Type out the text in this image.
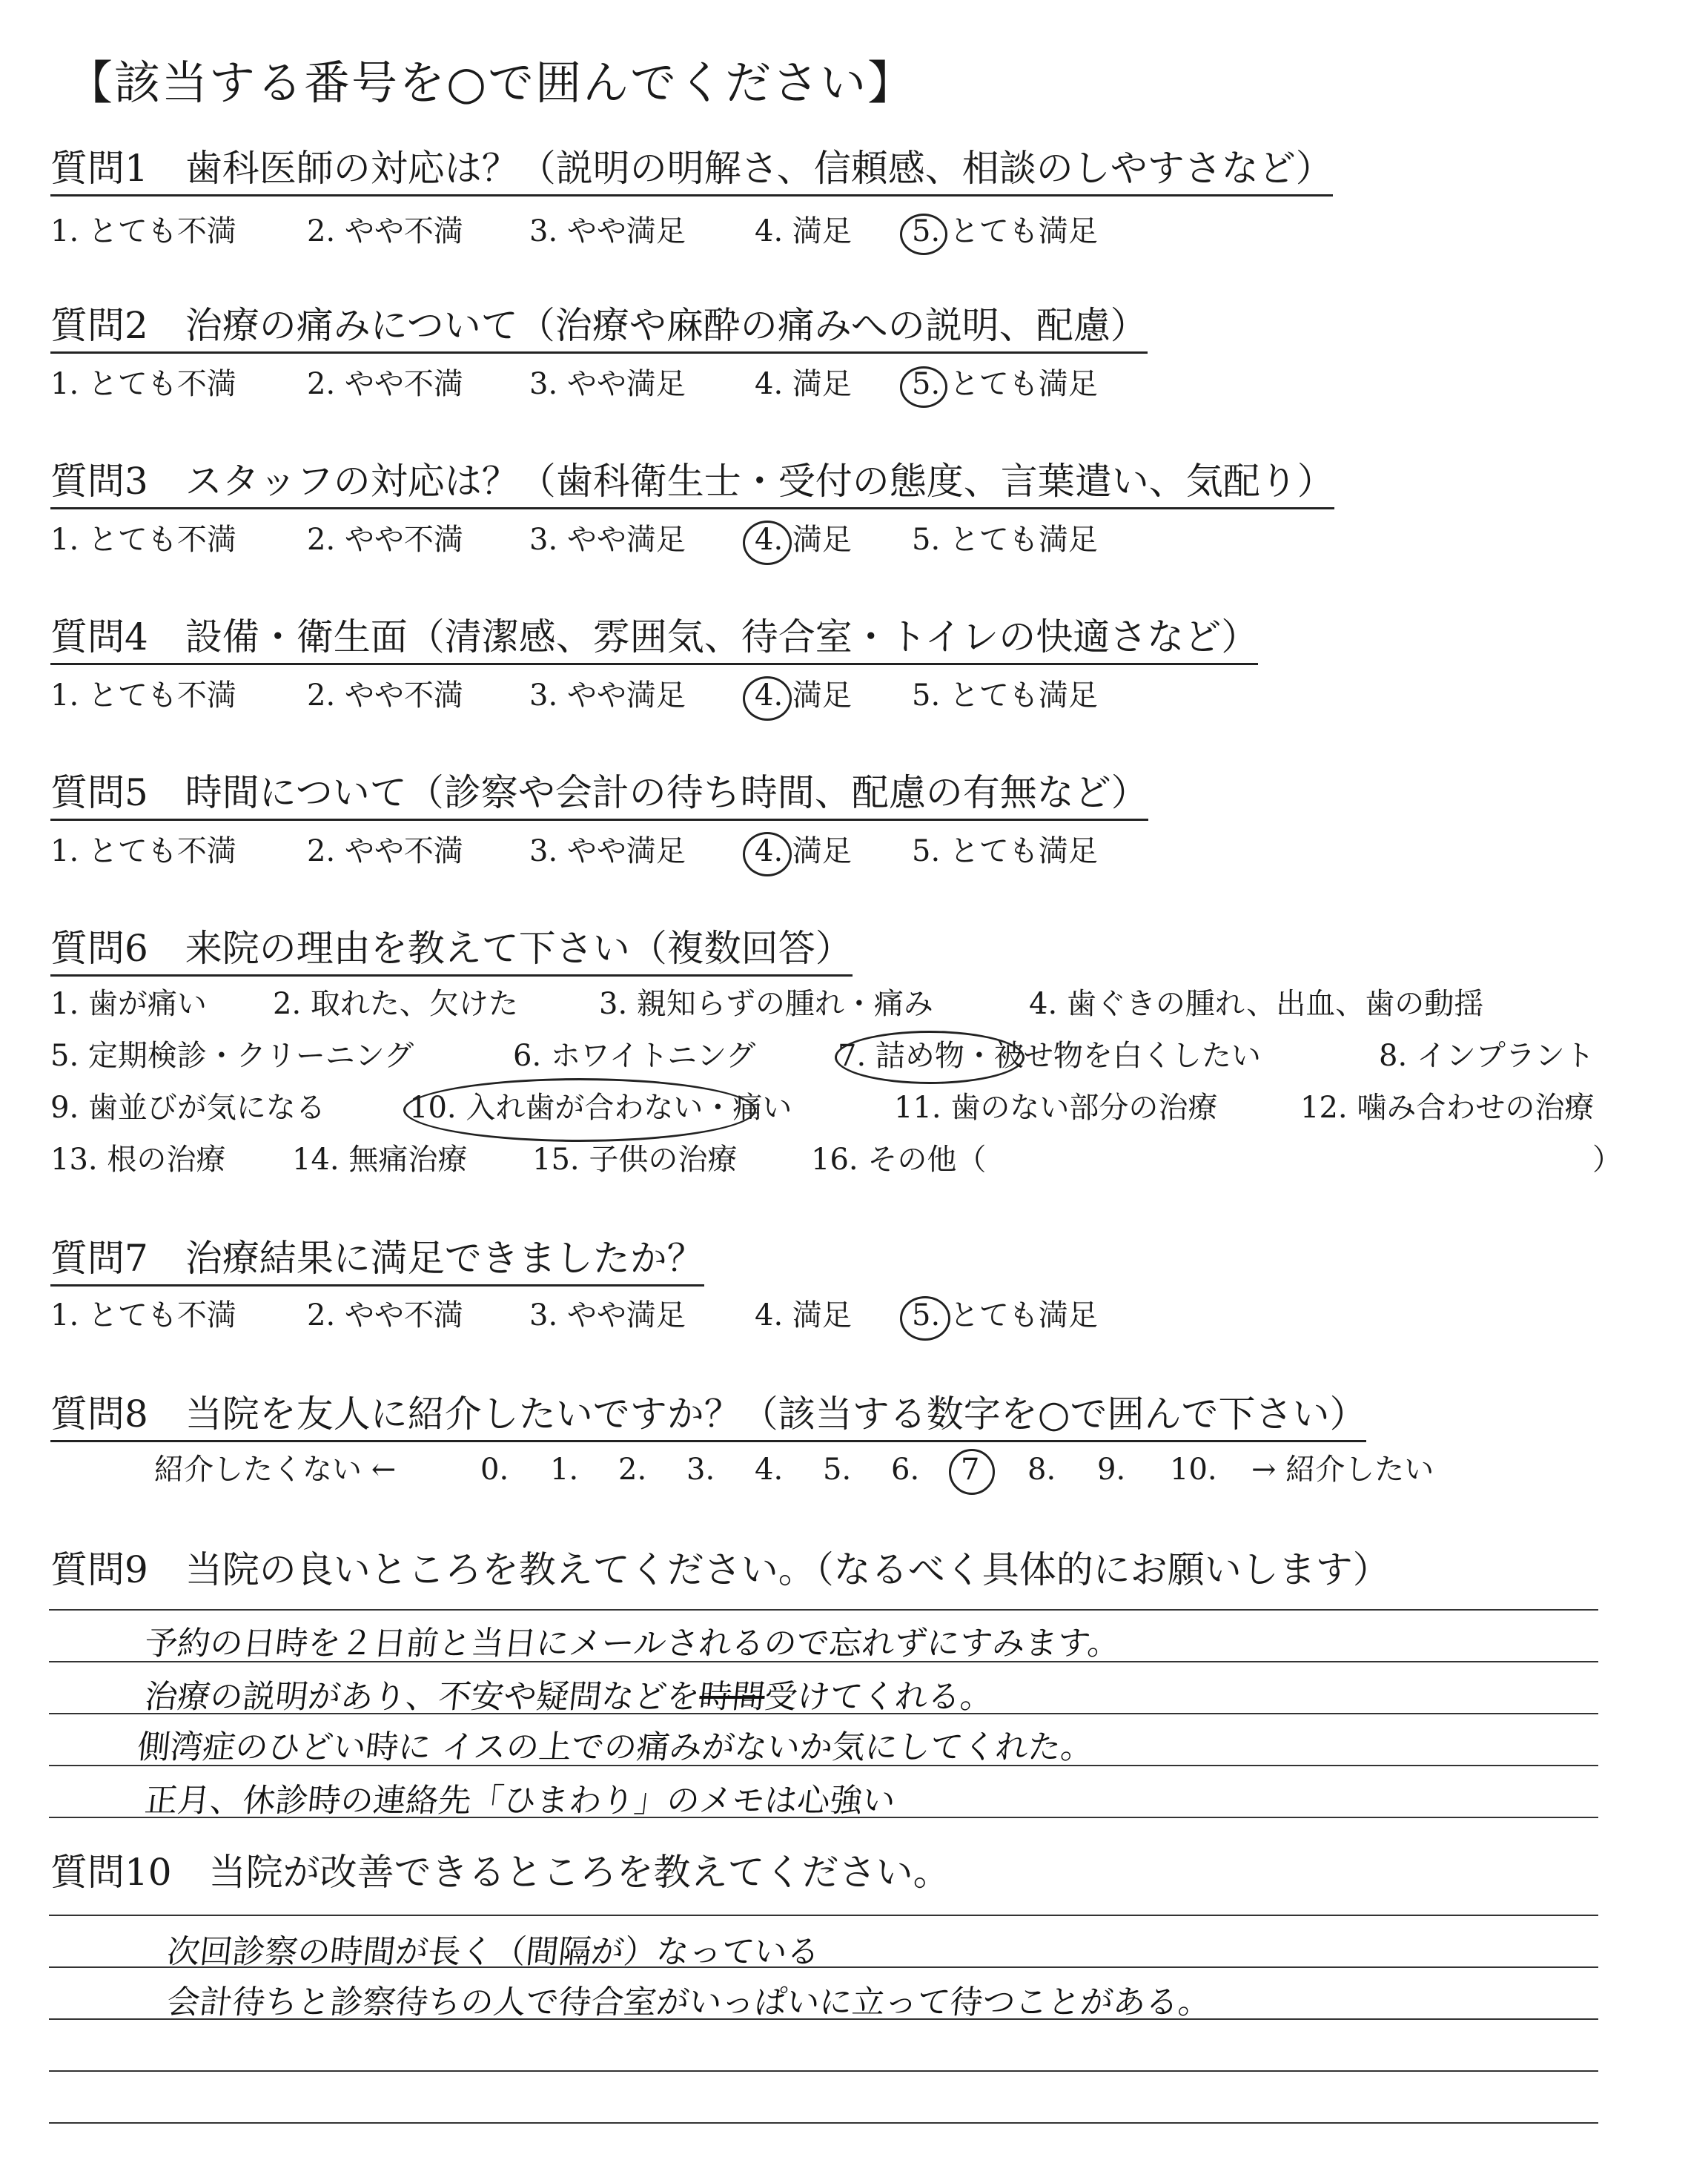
【該当する番号を○で囲んでください】
質問1　歯科医師の対応は？（説明の明解さ、信頼感、相談のしやすさなど）
1. とても不満 2. やや不満 3. やや満足 4. 満足 5. とても満足
質問2　治療の痛みについて（治療や麻酔の痛みへの説明、配慮）
1. とても不満 2. やや不満 3. やや満足 4. 満足 5. とても満足
質問3　スタッフの対応は？（歯科衛生士・受付の態度、言葉遣い、気配り）
1. とても不満 2. やや不満 3. やや満足 4. 満足 5. とても満足
質問4　設備・衛生面（清潔感、雰囲気、待合室・トイレの快適さなど）
1. とても不満 2. やや不満 3. やや満足 4. 満足 5. とても満足
質問5　時間について（診察や会計の待ち時間、配慮の有無など）
1. とても不満 2. やや不満 3. やや満足 4. 満足 5. とても満足
質問6　来院の理由を教えて下さい（複数回答）
1. 歯が痛い 2. 取れた、欠けた	3. 親知らずの腫れ・痛み	4. 歯ぐきの腫れ、出血、歯の動揺
5. 定期検診・クリーニング	6. ホワイトニング	7. 詰め物・被せ物を白くしたい	8. インプラント
9. 歯並びが気になる	10. 入れ歯が合わない・痛い	11. 歯のない部分の治療	12. 噛み合わせの治療
13. 根の治療 14. 無痛治療 15. 子供の治療 16. その他（	）
質問7　治療結果に満足できましたか？
1. とても不満 2. やや不満 3. やや満足 4. 満足 5. とても満足
質問8　当院を友人に紹介したいですか？（該当する数字を○で囲んで下さい）
紹介したくない ←	0. 1. 2. 3. 4. 5. 6. 7 8. 9. 10. → 紹介したい
質問9　当院の良いところを教えてください。（なるべく具体的にお願いします）
予約の日時を２日前と当日にメールされるので忘れずにすみます。
治療の説明があり、不安や疑問などを時間受けてくれる。
側湾症のひどい時に イスの上での痛みがないか気にしてくれた。
正月、休診時の連絡先「ひまわり」のメモは心強い
質問10　当院が改善できるところを教えてください。
次回診察の時間が長く（間隔が）なっている
会計待ちと診察待ちの人で待合室がいっぱいに立って待つことがある。
